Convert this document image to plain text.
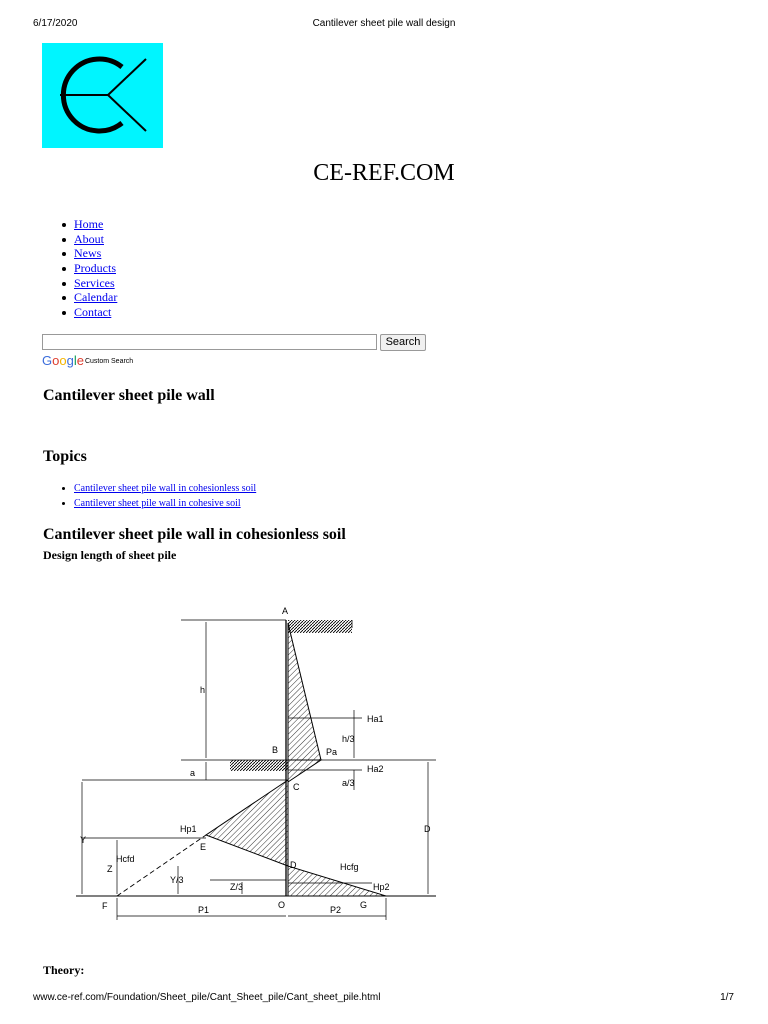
6/17/2020	Cantilever sheet pile wall design
CE-REF.COM
Home
About
News
Products
Services
Calendar
Contact
Search
GoogleCustom Search
Cantilever sheet pile wall
Topics
Cantilever sheet pile wall in cohesionless soil
Cantilever sheet pile wall in cohesive soil
Cantilever sheet pile wall in cohesionless soil
Design length of sheet pile
A
B
C
D
E
F	G
O
h
a
Y
Z
D
Ha1
Ha2
h/3
a/3
Pa
Hp1
Hp2
Hcfd
Hcfg
Y/3
Z/3
P1	P2
Theory:
www.ce-ref.com/Foundation/Sheet_pile/Cant_Sheet_pile/Cant_sheet_pile.html	1/7
